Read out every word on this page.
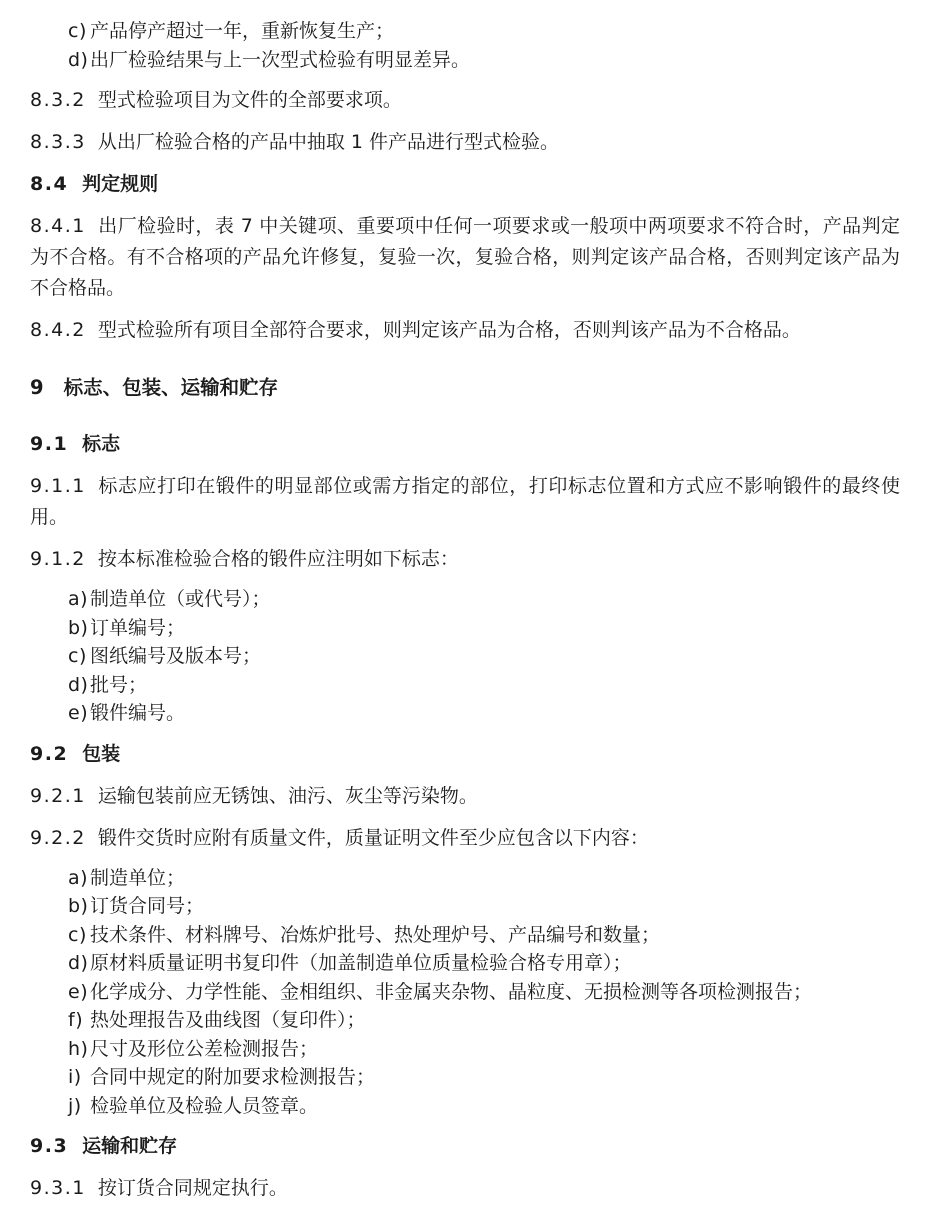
c) 产品停产超过一年，重新恢复生产；
d) 出厂检验结果与上一次型式检验有明显差异。

8.3.2 型式检验项目为文件的全部要求项。

8.3.3 从出厂检验合格的产品中抽取 1 件产品进行型式检验。

8.4 判定规则

8.4.1 出厂检验时，表 7 中关键项、重要项中任何一项要求或一般项中两项要求不符合时，产品判定为不合格。有不合格项的产品允许修复，复验一次，复验合格，则判定该产品合格，否则判定该产品为不合格品。

8.4.2 型式检验所有项目全部符合要求，则判定该产品为合格，否则判该产品为不合格品。

9 标志、包装、运输和贮存

9.1 标志

9.1.1 标志应打印在锻件的明显部位或需方指定的部位，打印标志位置和方式应不影响锻件的最终使用。

9.1.2 按本标准检验合格的锻件应注明如下标志：

a) 制造单位（或代号）；
b) 订单编号；
c) 图纸编号及版本号；
d) 批号；
e) 锻件编号。

9.2 包装

9.2.1 运输包装前应无锈蚀、油污、灰尘等污染物。

9.2.2 锻件交货时应附有质量文件，质量证明文件至少应包含以下内容：

a) 制造单位；
b) 订货合同号；
c) 技术条件、材料牌号、冶炼炉批号、热处理炉号、产品编号和数量；
d) 原材料质量证明书复印件（加盖制造单位质量检验合格专用章）；
e) 化学成分、力学性能、金相组织、非金属夹杂物、晶粒度、无损检测等各项检测报告；
f) 热处理报告及曲线图（复印件）；
h) 尺寸及形位公差检测报告；
i) 合同中规定的附加要求检测报告；
j) 检验单位及检验人员签章。

9.3 运输和贮存

9.3.1 按订货合同规定执行。
